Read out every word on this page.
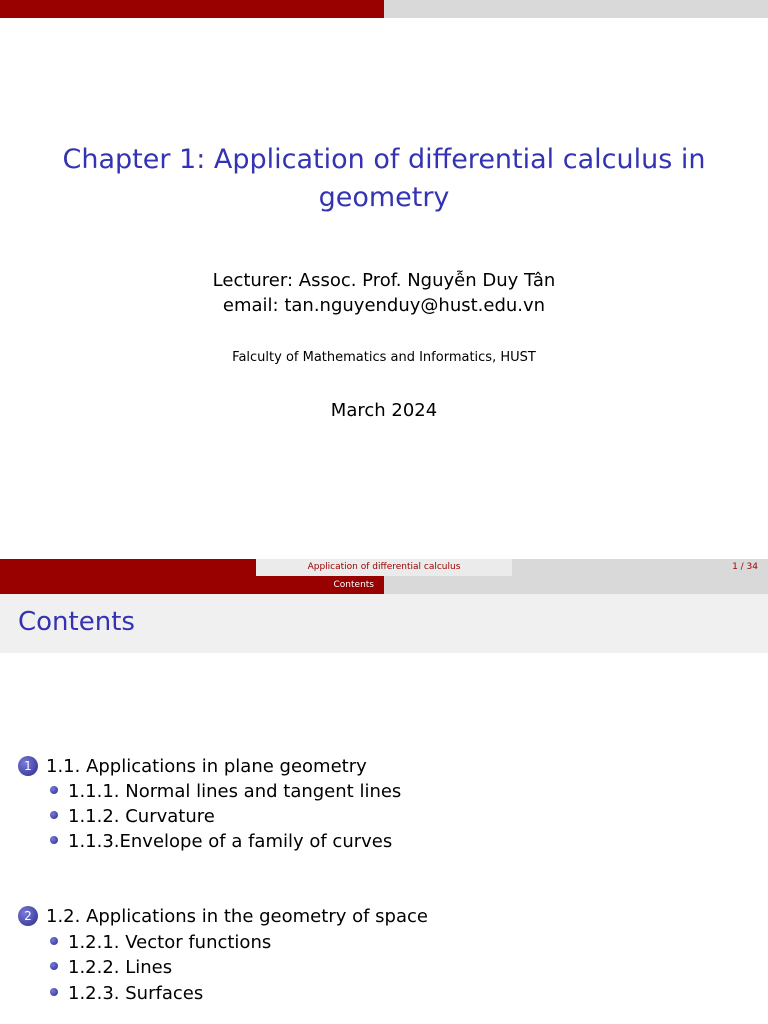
Chapter 1: Application of differential calculus in geometry
Lecturer: Assoc. Prof. Nguyễn Duy Tân
email: tan.nguyenduy@hust.edu.vn
Falculty of Mathematics and Informatics, HUST
March 2024
Application of differential calculus	1 / 34
Contents
Contents
1 1.1. Applications in plane geometry
1.1.1. Normal lines and tangent lines
1.1.2. Curvature
1.1.3.Envelope of a family of curves
2 1.2. Applications in the geometry of space
1.2.1. Vector functions
1.2.2. Lines
1.2.3. Surfaces
